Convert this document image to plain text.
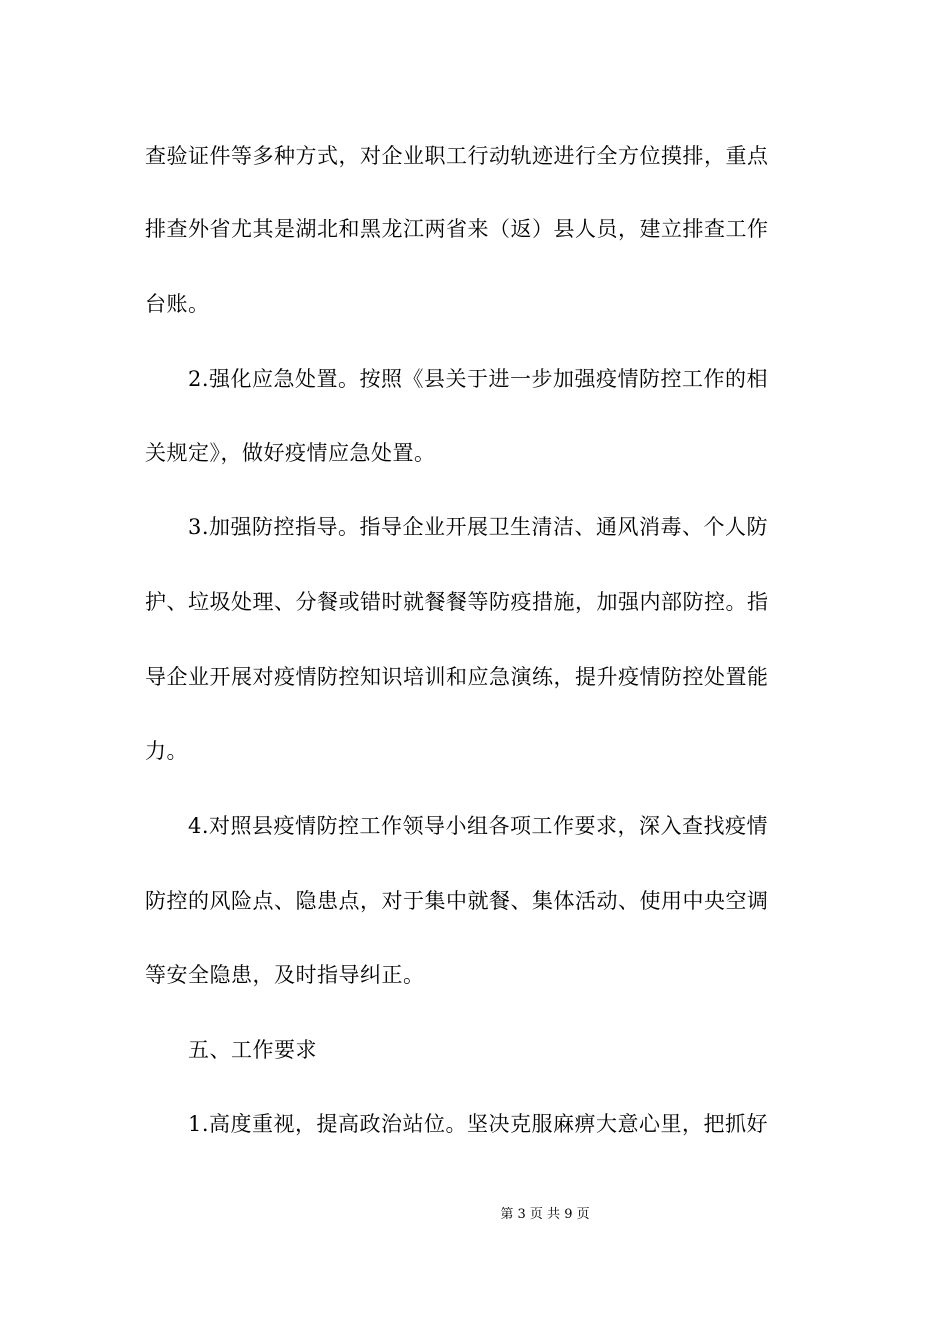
查验证件等多种方式，对企业职工行动轨迹进行全方位摸排，重点
排查外省尤其是湖北和黑龙江两省来（返）县人员，建立排查工作
台账。
2.强化应急处置。按照《县关于进一步加强疫情防控工作的相
关规定》，做好疫情应急处置。
3.加强防控指导。指导企业开展卫生清洁、通风消毒、个人防
护、垃圾处理、分餐或错时就餐餐等防疫措施，加强内部防控。指
导企业开展对疫情防控知识培训和应急演练，提升疫情防控处置能
力。
4.对照县疫情防控工作领导小组各项工作要求，深入查找疫情
防控的风险点、隐患点，对于集中就餐、集体活动、使用中央空调
等安全隐患，及时指导纠正。
五、工作要求
1.高度重视，提高政治站位。坚决克服麻痹大意心里，把抓好
第 3 页 共 9 页
